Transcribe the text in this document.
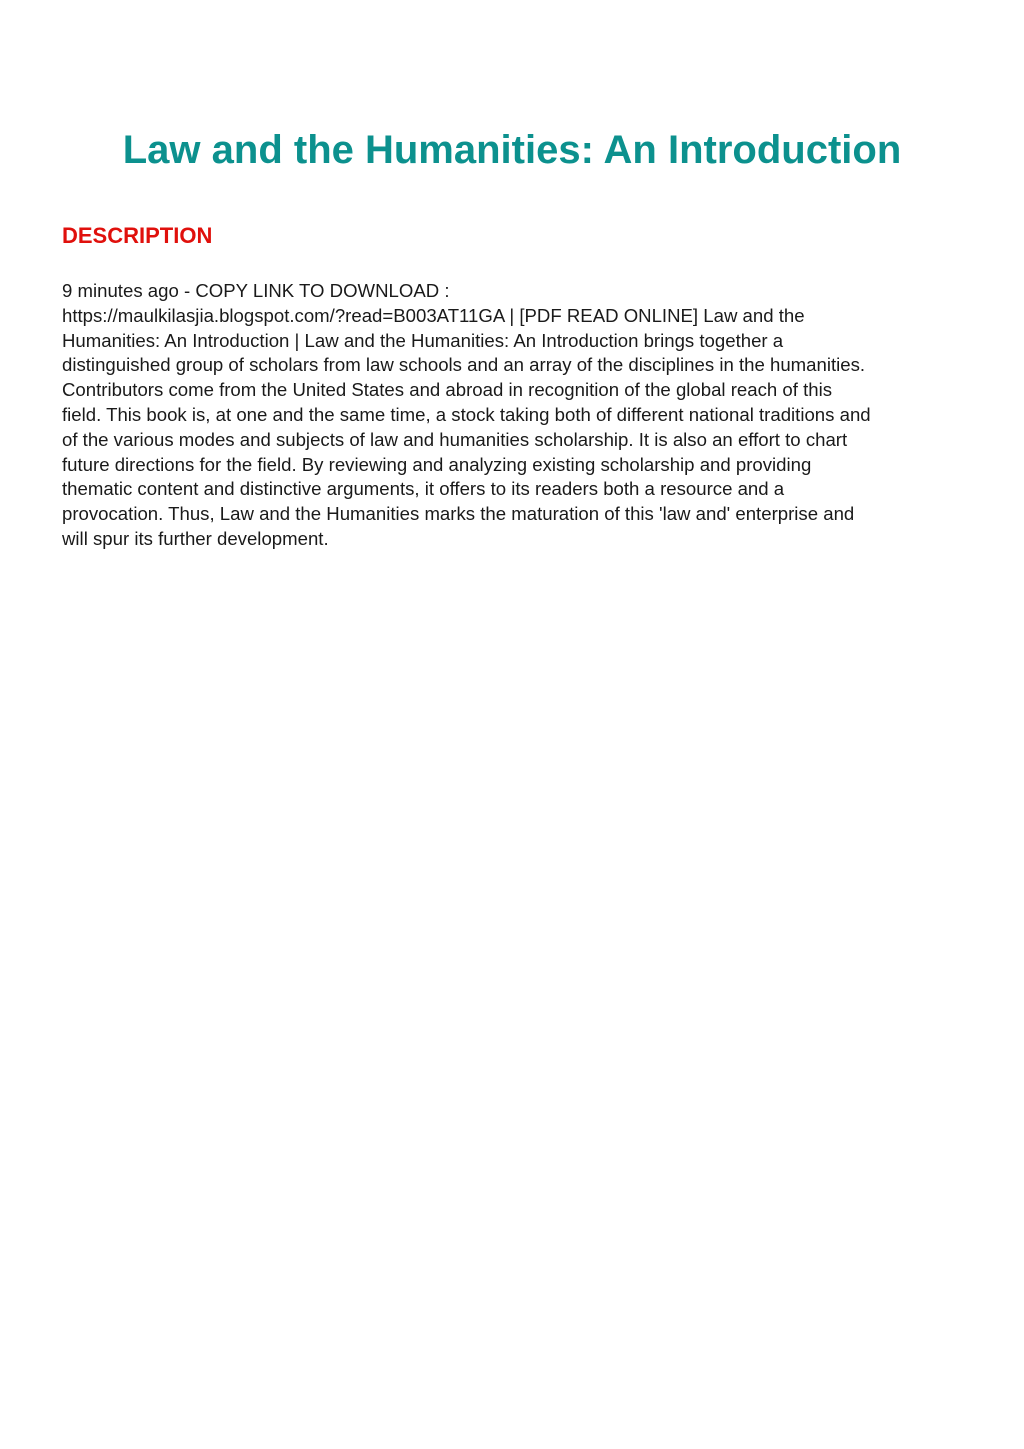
Law and the Humanities: An Introduction
DESCRIPTION

9 minutes ago - COPY LINK TO DOWNLOAD :
https://maulkilasjia.blogspot.com/?read=B003AT11GA | [PDF READ ONLINE] Law and the
Humanities: An Introduction | Law and the Humanities: An Introduction brings together a
distinguished group of scholars from law schools and an array of the disciplines in the humanities.
Contributors come from the United States and abroad in recognition of the global reach of this
field. This book is, at one and the same time, a stock taking both of different national traditions and
of the various modes and subjects of law and humanities scholarship. It is also an effort to chart
future directions for the field. By reviewing and analyzing existing scholarship and providing
thematic content and distinctive arguments, it offers to its readers both a resource and a
provocation. Thus, Law and the Humanities marks the maturation of this 'law and' enterprise and
will spur its further development.
